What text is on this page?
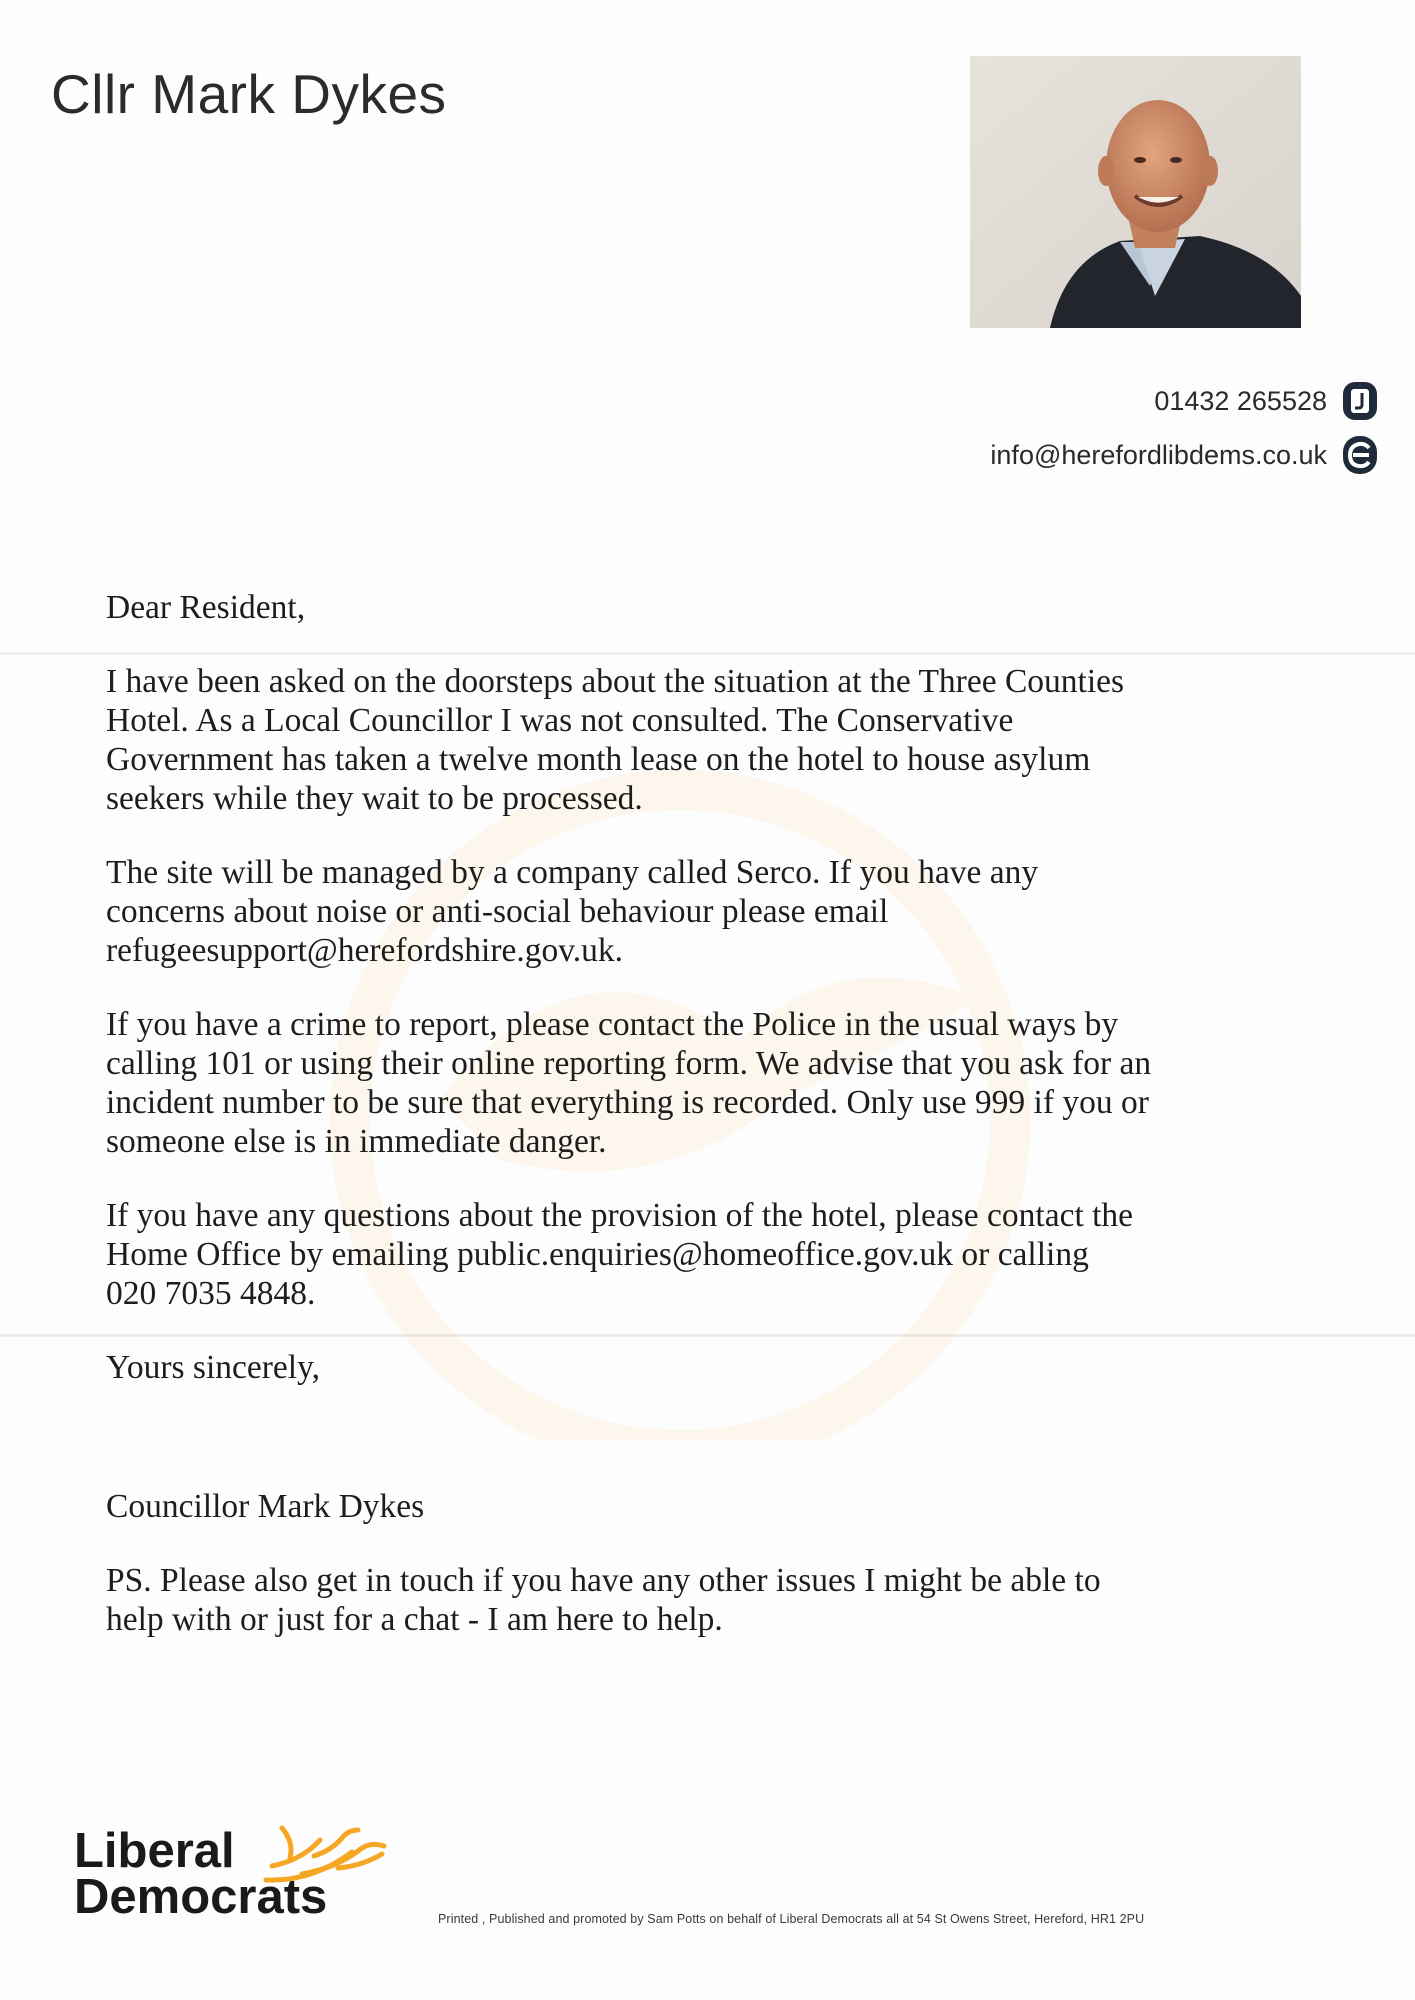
Cllr Mark Dykes
01432 265528
info@herefordlibdems.co.uk

Dear Resident,

I have been asked on the doorsteps about the situation at the Three Counties
Hotel. As a Local Councillor I was not consulted. The Conservative
Government has taken a twelve month lease on the hotel to house asylum
seekers while they wait to be processed.

The site will be managed by a company called Serco. If you have any
concerns about noise or anti-social behaviour please email
refugeesupport@herefordshire.gov.uk.

If you have a crime to report, please contact the Police in the usual ways by
calling 101 or using their online reporting form. We advise that you ask for an
incident number to be sure that everything is recorded. Only use 999 if you or
someone else is in immediate danger.

If you have any questions about the provision of the hotel, please contact the
Home Office by emailing public.enquiries@homeoffice.gov.uk or calling
020 7035 4848.

Yours sincerely,

Councillor Mark Dykes

PS. Please also get in touch if you have any other issues I might be able to
help with or just for a chat - I am here to help.

Liberal
Democrats	Printed , Published and promoted by Sam Potts on behalf of Liberal Democrats all at 54 St Owens Street, Hereford, HR1 2PU
